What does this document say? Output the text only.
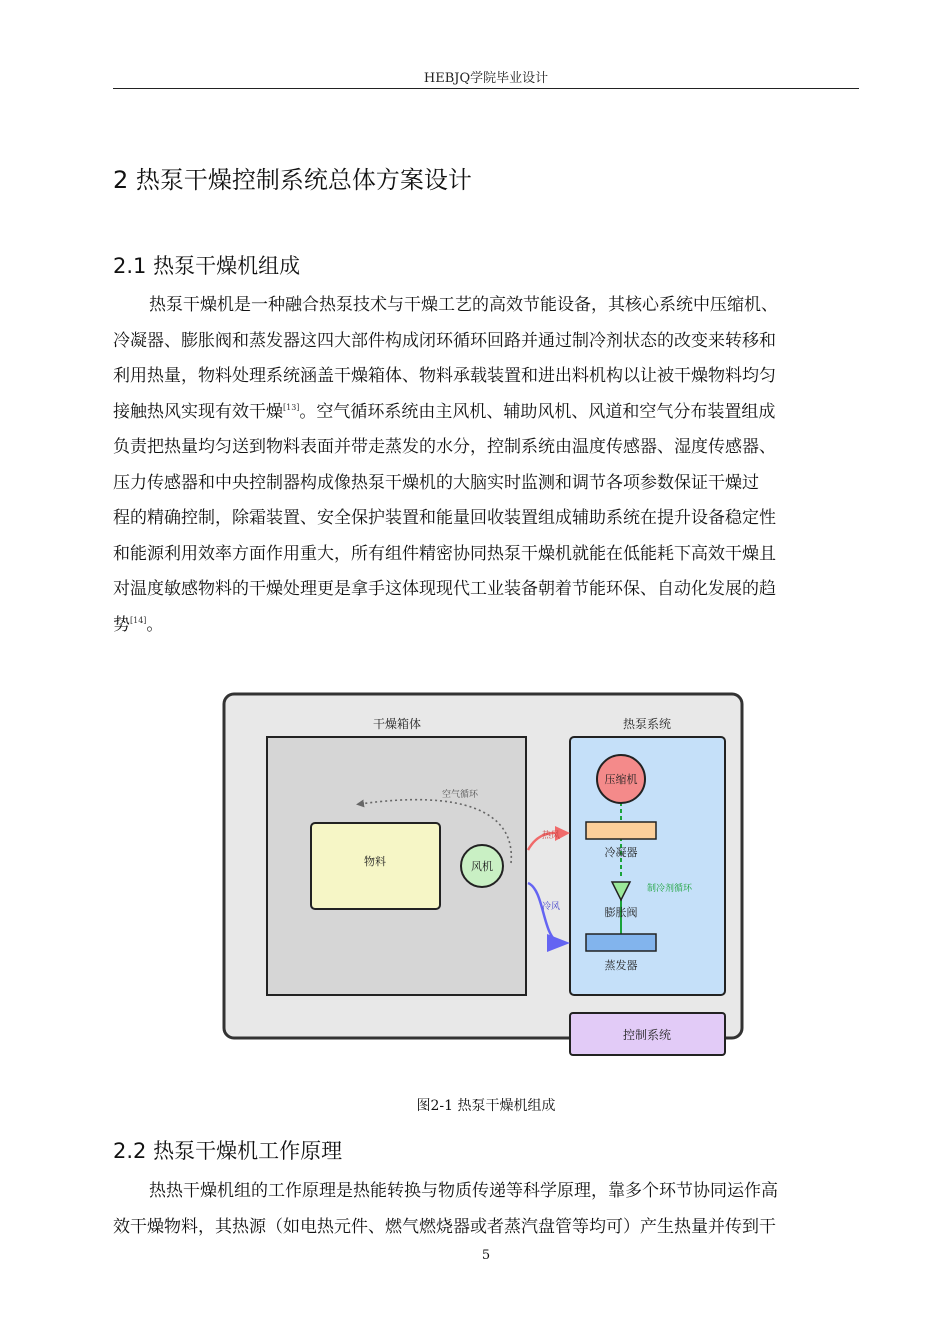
HEBJQ学院毕业设计
2 热泵干燥控制系统总体方案设计
2.1 热泵干燥机组成
热泵干燥机是一种融合热泵技术与干燥工艺的高效节能设备，其核心系统中压缩机、
冷凝器、膨胀阀和蒸发器这四大部件构成闭环循环回路并通过制冷剂状态的改变来转移和
利用热量，物料处理系统涵盖干燥箱体、物料承载装置和进出料机构以让被干燥物料均匀
接触热风实现有效干燥[13]。空气循环系统由主风机、辅助风机、风道和空气分布装置组成
负责把热量均匀送到物料表面并带走蒸发的水分，控制系统由温度传感器、湿度传感器、
压力传感器和中央控制器构成像热泵干燥机的大脑实时监测和调节各项参数保证干燥过
程的精确控制，除霜装置、安全保护装置和能量回收装置组成辅助系统在提升设备稳定性
和能源利用效率方面作用重大，所有组件精密协同热泵干燥机就能在低能耗下高效干燥且
对温度敏感物料的干燥处理更是拿手这体现现代工业装备朝着节能环保、自动化发展的趋
势[14]。
干燥箱体
物料	风机
空气循环
热泵系统
压缩机
冷凝器
膨胀阀
制冷剂循环
蒸发器
热风
冷风
控制系统
图2-1 热泵干燥机组成
2.2 热泵干燥机工作原理
热热干燥机组的工作原理是热能转换与物质传递等科学原理，靠多个环节协同运作高
效干燥物料，其热源（如电热元件、燃气燃烧器或者蒸汽盘管等均可）产生热量并传到干
5
